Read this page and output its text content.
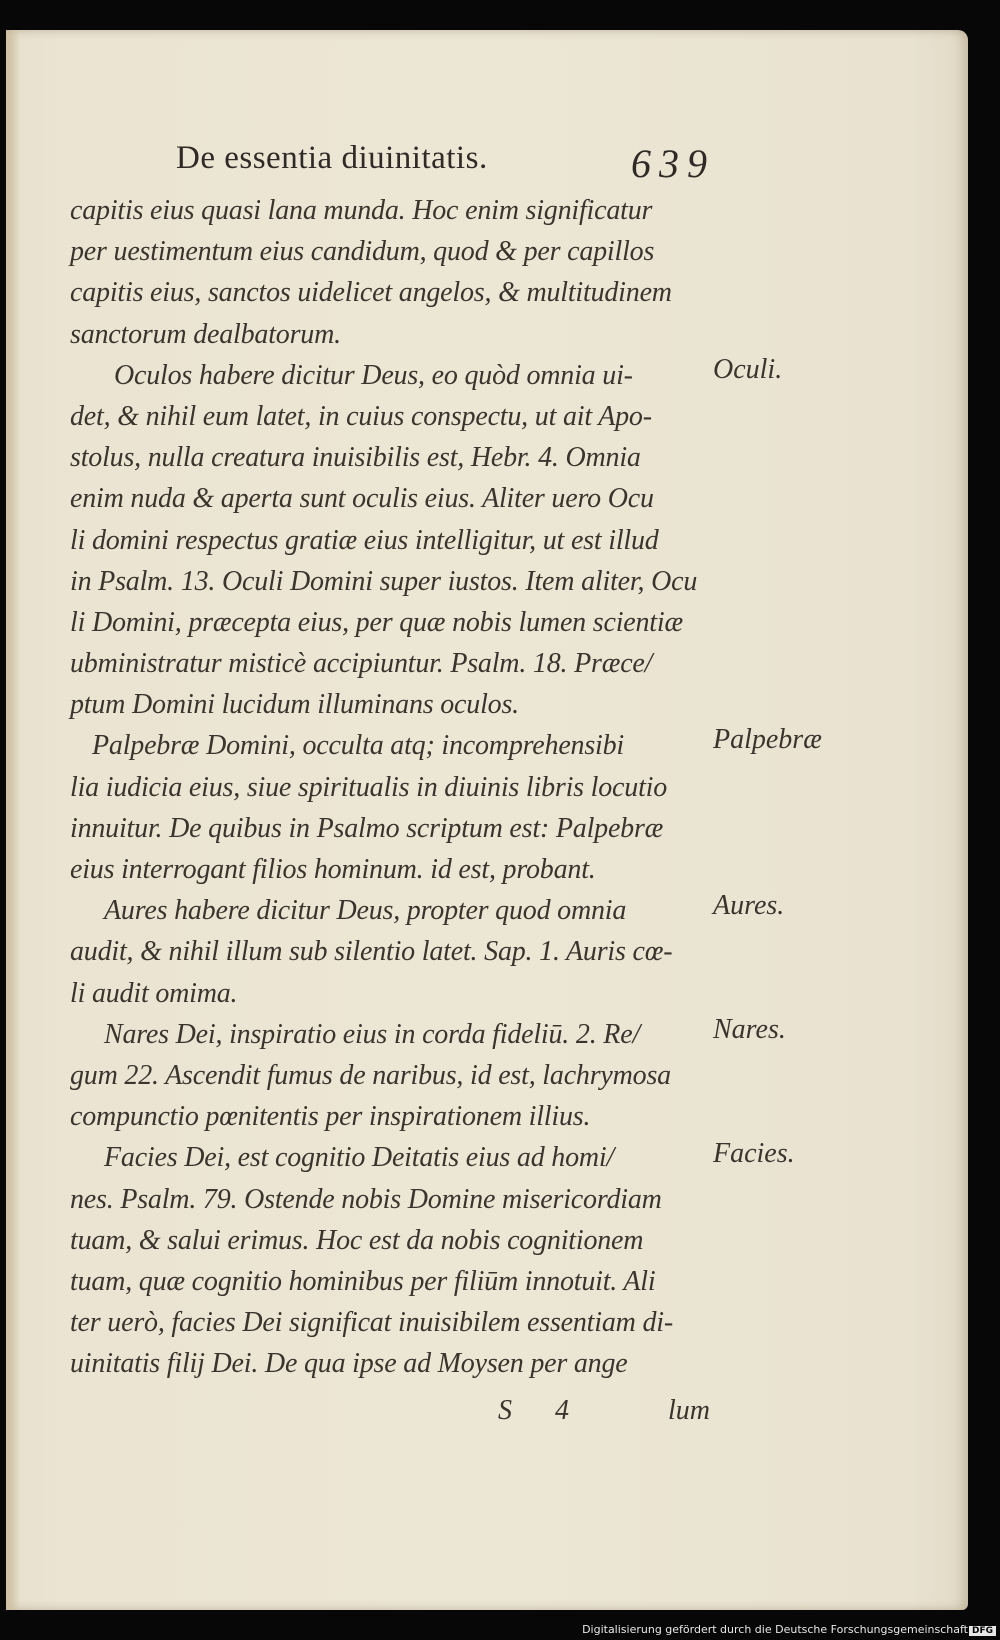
De essentia diuinitatis.	639
capitis eius quasi lana munda. Hoc enim significatur
per uestimentum eius candidum, quod & per capillos
capitis eius, sanctos uidelicet angelos, & multitudinem
sanctorum dealbatorum.
Oculos habere dicitur Deus, eo quòd omnia ui-
det, & nihil eum latet, in cuius conspectu, ut ait Apo-
stolus, nulla creatura inuisibilis est, Hebr. 4. Omnia
enim nuda & aperta sunt oculis eius. Aliter uero Ocu
li domini respectus gratiæ eius intelligitur, ut est illud
in Psalm. 13. Oculi Domini super iustos. Item aliter, Ocu
li Domini, præcepta eius, per quæ nobis lumen scientiæ
ubministratur misticè accipiuntur. Psalm. 18. Præce/
ptum Domini lucidum illuminans oculos.
Palpebræ Domini, occulta atq; incomprehensibi
lia iudicia eius, siue spiritualis in diuinis libris locutio
innuitur. De quibus in Psalmo scriptum est: Palpebræ
eius interrogant filios hominum. id est, probant.
Aures habere dicitur Deus, propter quod omnia
audit, & nihil illum sub silentio latet. Sap. 1. Auris cœ-
li audit omima.
Nares Dei, inspiratio eius in corda fideliū. 2. Re/
gum 22. Ascendit fumus de naribus, id est, lachrymosa
compunctio pœnitentis per inspirationem illius.
Facies Dei, est cognitio Deitatis eius ad homi/
nes. Psalm. 79. Ostende nobis Domine misericordiam
tuam, & salui erimus. Hoc est da nobis cognitionem
tuam, quæ cognitio hominibus per filiūm innotuit. Ali
ter uerò, facies Dei significat inuisibilem essentiam di-
uinitatis filij Dei. De qua ipse ad Moysen per ange
Oculi.
Palpebræ
Aures.
Nares.
Facies.
S 4	lum
Digitalisierung gefördert durch die Deutsche Forschungsgemeinschaft DFG
